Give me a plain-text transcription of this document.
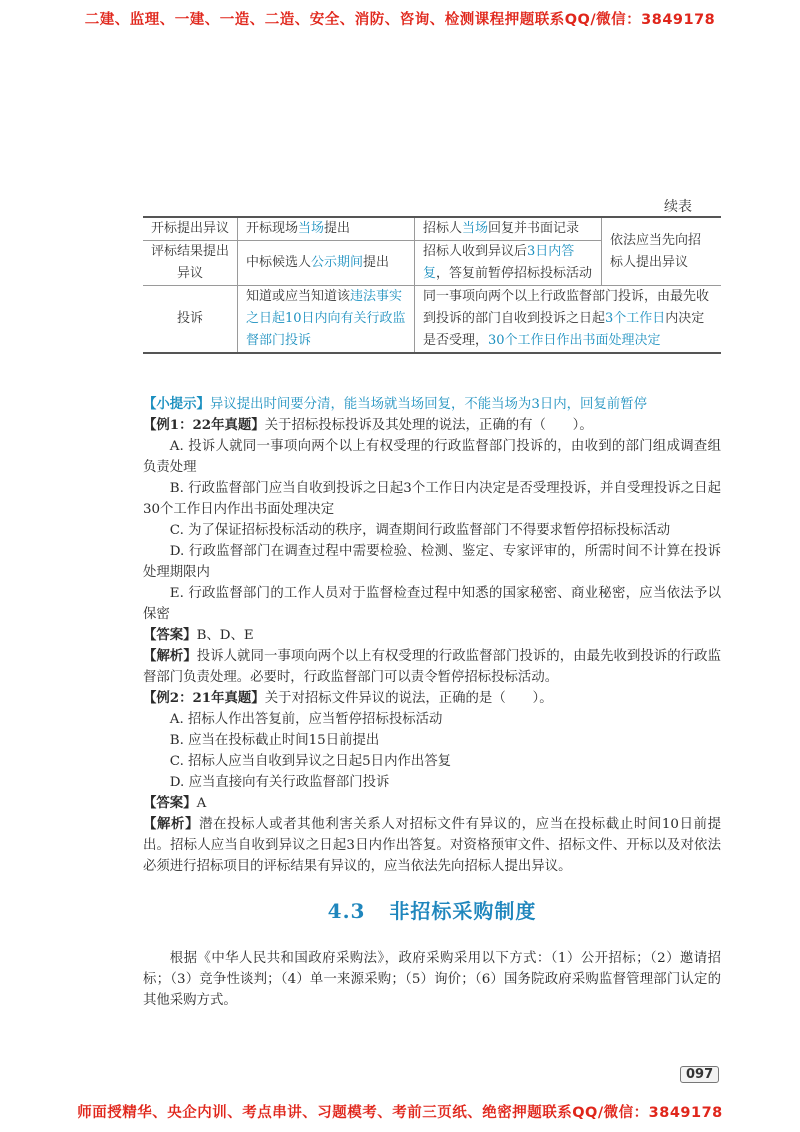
二建、监理、一建、一造、二造、安全、消防、咨询、检测课程押题联系QQ/微信：3849178
续表
开标提出异议	开标现场当场提出	招标人当场回复并书面记录	依法应当先向招标人提出异议
评标结果提出异议	中标候选人公示期间提出	招标人收到异议后3日内答复，答复前暂停招标投标活动	
投诉	知道或应当知道该违法事实之日起10日内向有关行政监督部门投诉	同一事项向两个以上行政监督部门投诉，由最先收到投诉的部门自收到投诉之日起3个工作日内决定是否受理，30个工作日作出书面处理决定	

【小提示】异议提出时间要分清，能当场就当场回复，不能当场为3日内，回复前暂停

【例1：22年真题】关于招标投标投诉及其处理的说法，正确的有（　　）。

A. 投诉人就同一事项向两个以上有权受理的行政监督部门投诉的，由收到的部门组成调查组负责处理

B. 行政监督部门应当自收到投诉之日起3个工作日内决定是否受理投诉，并自受理投诉之日起30个工作日内作出书面处理决定

C. 为了保证招标投标活动的秩序，调查期间行政监督部门不得要求暂停招标投标活动

D. 行政监督部门在调查过程中需要检验、检测、鉴定、专家评审的，所需时间不计算在投诉处理期限内

E. 行政监督部门的工作人员对于监督检查过程中知悉的国家秘密、商业秘密，应当依法予以保密

【答案】B、D、E

【解析】投诉人就同一事项向两个以上有权受理的行政监督部门投诉的，由最先收到投诉的行政监督部门负责处理。必要时，行政监督部门可以责令暂停招标投标活动。

【例2：21年真题】关于对招标文件异议的说法，正确的是（　　）。

A. 招标人作出答复前，应当暂停招标投标活动

B. 应当在投标截止时间15日前提出

C. 招标人应当自收到异议之日起5日内作出答复

D. 应当直接向有关行政监督部门投诉

【答案】A

【解析】潜在投标人或者其他利害关系人对招标文件有异议的，应当在投标截止时间10日前提出。招标人应当自收到异议之日起3日内作出答复。对资格预审文件、招标文件、开标以及对依法必须进行招标项目的评标结果有异议的，应当依法先向招标人提出异议。

4.3 非招标采购制度

根据《中华人民共和国政府采购法》，政府采购采用以下方式：（1）公开招标；（2）邀请招标；（3）竞争性谈判；（4）单一来源采购；（5）询价；（6）国务院政府采购监督管理部门认定的其他采购方式。

097
师面授精华、央企内训、考点串讲、习题模考、考前三页纸、绝密押题联系QQ/微信：3849178
